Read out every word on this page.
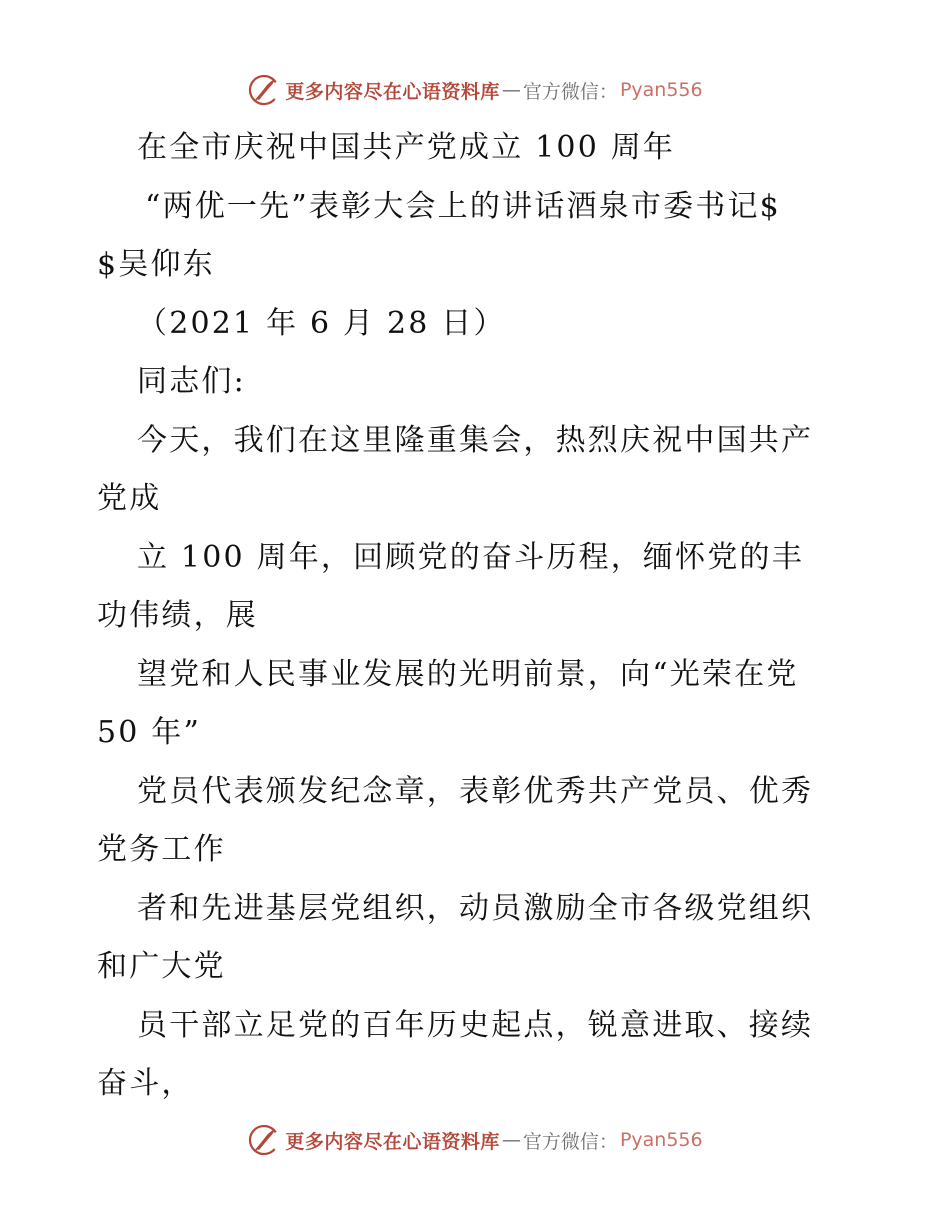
更多内容尽在心语资料库 — 官方微信： Pyan556
在全市庆祝中国共产党成立 100 周年
“两优一先”表彰大会上的讲话酒泉市委书记$
$吴仰东
（2021 年 6 月 28 日）
同志们:
今天，我们在这里隆重集会，热烈庆祝中国共产
党成
立 100 周年，回顾党的奋斗历程，缅怀党的丰
功伟绩，展
望党和人民事业发展的光明前景，向“光荣在党
50 年”
党员代表颁发纪念章，表彰优秀共产党员、优秀
党务工作
者和先进基层党组织，动员激励全市各级党组织
和广大党
员干部立足党的百年历史起点，锐意进取、接续
奋斗，
更多内容尽在心语资料库 — 官方微信： Pyan556
